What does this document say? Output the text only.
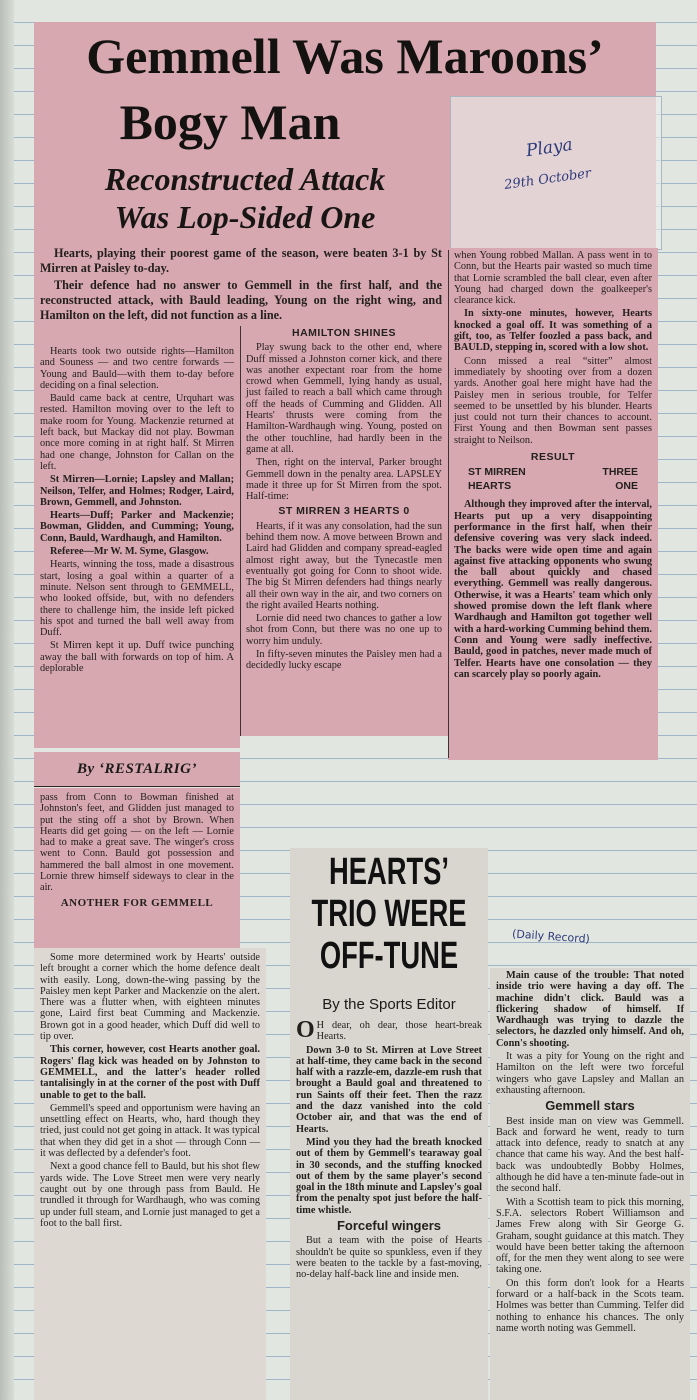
Gemmell Was Maroons’
Bogy Man
Reconstructed Attack
Was Lop-Sided One
Playa
29th October

Hearts, playing their poorest game of the season, were beaten 3-1 by St Mirren at Paisley to-day.

Their defence had no answer to Gemmell in the first half, and the reconstructed attack, with Bauld leading, Young on the right wing, and Hamilton on the left, did not function as a line.

Hearts took two outside rights—Hamilton and Souness — and two centre forwards — Young and Bauld—with them to-day before deciding on a final selection.

Bauld came back at centre, Urquhart was rested. Hamilton moving over to the left to make room for Young. Mackenzie returned at left back, but Mackay did not play. Bowman once more coming in at right half. St Mirren had one change, Johnston for Callan on the left.

St Mirren—Lornie; Lapsley and Mallan; Neilson, Telfer, and Holmes; Rodger, Laird, Brown, Gemmell, and Johnston.

Hearts—Duff; Parker and Mackenzie; Bowman, Glidden, and Cumming; Young, Conn, Bauld, Wardhaugh, and Hamilton.

Referee—Mr W. M. Syme, Glasgow.

Hearts, winning the toss, made a disastrous start, losing a goal within a quarter of a minute. Nelson sent through to GEMMELL, who looked offside, but, with no defenders there to challenge him, the inside left picked his spot and turned the ball well away from Duff.

St Mirren kept it up. Duff twice punching away the ball with forwards on top of him. A deplorable

By ‘RESTALRIG’

pass from Conn to Bowman finished at Johnston's feet, and Glidden just managed to put the sting off a shot by Brown. When Hearts did get going — on the left — Lornie had to make a great save. The winger's cross went to Conn. Bauld got possession and hammered the ball almost in one movement. Lornie threw himself sideways to clear in the air.

ANOTHER FOR GEMMELL

Some more determined work by Hearts' outside left brought a corner which the home defence dealt with easily. Long, down-the-wing passing by the Paisley men kept Parker and Mackenzie on the alert. There was a flutter when, with eighteen minutes gone, Laird first beat Cumming and Mackenzie. Brown got in a good header, which Duff did well to tip over.

This corner, however, cost Hearts another goal. Rogers' flag kick was headed on by Johnston to GEMMELL, and the latter's header rolled tantalisingly in at the corner of the post with Duff unable to get to the ball.

Gemmell's speed and opportunism were having an unsettling effect on Hearts, who, hard though they tried, just could not get going in attack. It was typical that when they did get in a shot — through Conn — it was deflected by a defender's foot.

Next a good chance fell to Bauld, but his shot flew yards wide. The Love Street men were very nearly caught out by one through pass from Bauld. He trundled it through for Wardhaugh, who was coming up under full steam, and Lornie just managed to get a foot to the ball first.

HAMILTON SHINES

Play swung back to the other end, where Duff missed a Johnston corner kick, and there was another expectant roar from the home crowd when Gemmell, lying handy as usual, just failed to reach a ball which came through off the heads of Cumming and Glidden. All Hearts' thrusts were coming from the Hamilton-Wardhaugh wing. Young, posted on the other touchline, had hardly been in the game at all.

Then, right on the interval, Parker brought Gemmell down in the penalty area. LAPSLEY made it three up for St Mirren from the spot. Half-time:

ST MIRREN 3 HEARTS 0

Hearts, if it was any consolation, had the sun behind them now. A move between Brown and Laird had Glidden and company spread-eagled almost right away, but the Tynecastle men eventually got going for Conn to shoot wide. The big St Mirren defenders had things nearly all their own way in the air, and two corners on the right availed Hearts nothing.

Lornie did need two chances to gather a low shot from Conn, but there was no one up to worry him unduly.

In fifty-seven minutes the Paisley men had a decidedly lucky escape

when Young robbed Mallan. A pass went in to Conn, but the Hearts pair wasted so much time that Lornie scrambled the ball clear, even after Young had charged down the goalkeeper's clearance kick.

In sixty-one minutes, however, Hearts knocked a goal off. It was something of a gift, too, as Telfer foozled a pass back, and BAULD, stepping in, scored with a low shot.

Conn missed a real “sitter” almost immediately by shooting over from a dozen yards. Another goal here might have had the Paisley men in serious trouble, for Telfer seemed to be unsettled by his blunder. Hearts just could not turn their chances to account. First Young and then Bowman sent passes straight to Neilson.

RESULT
ST MIRREN	THREE
HEARTS	ONE

Although they improved after the interval, Hearts put up a very disappointing performance in the first half, when their defensive covering was very slack indeed. The backs were wide open time and again against five attacking opponents who swung the ball about quickly and chased everything. Gemmell was really dangerous. Otherwise, it was a Hearts' team which only showed promise down the left flank where Wardhaugh and Hamilton got together well with a hard-working Cumming behind them. Conn and Young were sadly ineffective. Bauld, good in patches, never made much of Telfer. Hearts have one consolation — they can scarcely play so poorly again.

HEARTS’
TRIO WERE
OFF-TUNE
By the Sports Editor

O H dear, oh dear, those heart-break Hearts.

Down 3-0 to St. Mirren at Love Street at half-time, they came back in the second half with a razzle-em, dazzle-em rush that brought a Bauld goal and threatened to run Saints off their feet. Then the razz and the dazz vanished into the cold October air, and that was the end of Hearts.

Mind you they had the breath knocked out of them by Gemmell's tearaway goal in 30 seconds, and the stuffing knocked out of them by the same player's second goal in the 18th minute and Lapsley's goal from the penalty spot just before the half-time whistle.

Forceful wingers

But a team with the poise of Hearts shouldn't be quite so spunkless, even if they were beaten to the tackle by a fast-moving, no-delay half-back line and inside men.

(Daily Record)

Main cause of the trouble: That noted inside trio were having a day off. The machine didn't click. Bauld was a flickering shadow of himself. If Wardhaugh was trying to dazzle the selectors, he dazzled only himself. And oh, Conn's shooting.

It was a pity for Young on the right and Hamilton on the left were two forceful wingers who gave Lapsley and Mallan an exhausting afternoon.

Gemmell stars

Best inside man on view was Gemmell. Back and forward he went, ready to turn attack into defence, ready to snatch at any chance that came his way. And the best half-back was undoubtedly Bobby Holmes, although he did have a ten-minute fade-out in the second half.

With a Scottish team to pick this morning, S.F.A. selectors Robert Williamson and James Frew along with Sir George G. Graham, sought guidance at this match. They would have been better taking the afternoon off, for the men they went along to see were taking one.

On this form don't look for a Hearts forward or a half-back in the Scots team. Holmes was better than Cumming. Telfer did nothing to enhance his chances. The only name worth noting was Gemmell.
